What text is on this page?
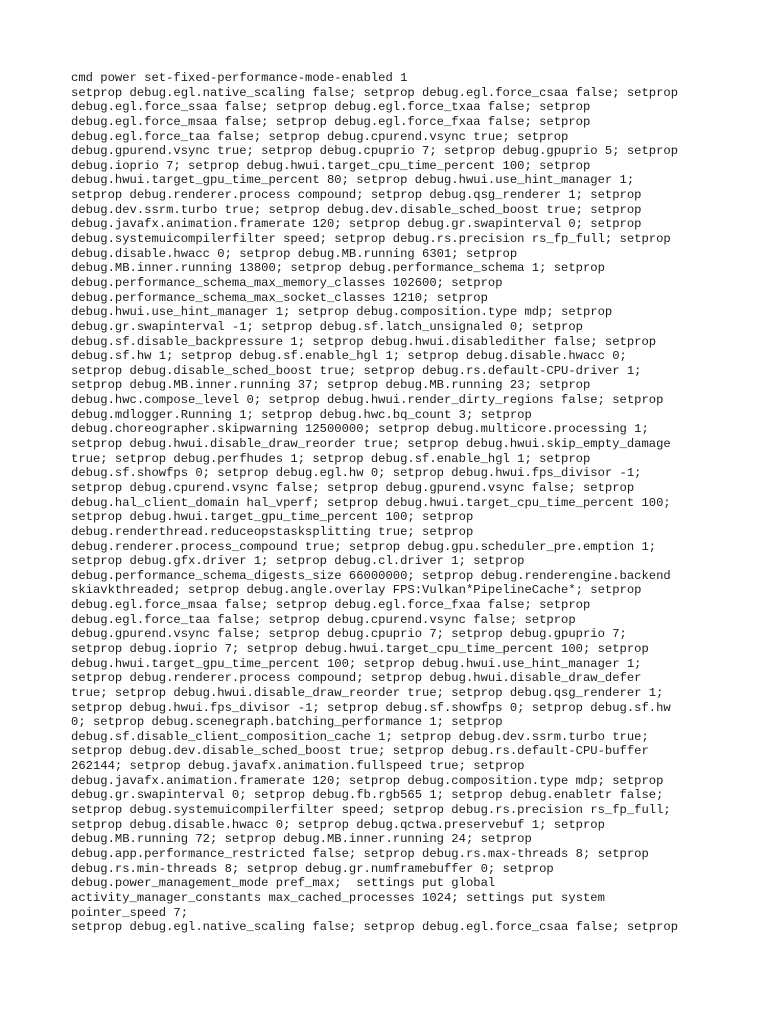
cmd power set-fixed-performance-mode-enabled 1
setprop debug.egl.native_scaling false; setprop debug.egl.force_csaa false; setprop
debug.egl.force_ssaa false; setprop debug.egl.force_txaa false; setprop
debug.egl.force_msaa false; setprop debug.egl.force_fxaa false; setprop
debug.egl.force_taa false; setprop debug.cpurend.vsync true; setprop
debug.gpurend.vsync true; setprop debug.cpuprio 7; setprop debug.gpuprio 5; setprop
debug.ioprio 7; setprop debug.hwui.target_cpu_time_percent 100; setprop
debug.hwui.target_gpu_time_percent 80; setprop debug.hwui.use_hint_manager 1;
setprop debug.renderer.process compound; setprop debug.qsg_renderer 1; setprop
debug.dev.ssrm.turbo true; setprop debug.dev.disable_sched_boost true; setprop
debug.javafx.animation.framerate 120; setprop debug.gr.swapinterval 0; setprop
debug.systemuicompilerfilter speed; setprop debug.rs.precision rs_fp_full; setprop
debug.disable.hwacc 0; setprop debug.MB.running 6301; setprop
debug.MB.inner.running 13800; setprop debug.performance_schema 1; setprop
debug.performance_schema_max_memory_classes 102600; setprop
debug.performance_schema_max_socket_classes 1210; setprop
debug.hwui.use_hint_manager 1; setprop debug.composition.type mdp; setprop
debug.gr.swapinterval -1; setprop debug.sf.latch_unsignaled 0; setprop
debug.sf.disable_backpressure 1; setprop debug.hwui.disabledither false; setprop
debug.sf.hw 1; setprop debug.sf.enable_hgl 1; setprop debug.disable.hwacc 0;
setprop debug.disable_sched_boost true; setprop debug.rs.default-CPU-driver 1;
setprop debug.MB.inner.running 37; setprop debug.MB.running 23; setprop
debug.hwc.compose_level 0; setprop debug.hwui.render_dirty_regions false; setprop
debug.mdlogger.Running 1; setprop debug.hwc.bq_count 3; setprop
debug.choreographer.skipwarning 12500000; setprop debug.multicore.processing 1;
setprop debug.hwui.disable_draw_reorder true; setprop debug.hwui.skip_empty_damage
true; setprop debug.perfhudes 1; setprop debug.sf.enable_hgl 1; setprop
debug.sf.showfps 0; setprop debug.egl.hw 0; setprop debug.hwui.fps_divisor -1;
setprop debug.cpurend.vsync false; setprop debug.gpurend.vsync false; setprop
debug.hal_client_domain hal_vperf; setprop debug.hwui.target_cpu_time_percent 100;
setprop debug.hwui.target_gpu_time_percent 100; setprop
debug.renderthread.reduceopstasksplitting true; setprop
debug.renderer.process_compound true; setprop debug.gpu.scheduler_pre.emption 1;
setprop debug.gfx.driver 1; setprop debug.cl.driver 1; setprop
debug.performance_schema_digests_size 66000000; setprop debug.renderengine.backend
skiavkthreaded; setprop debug.angle.overlay FPS:Vulkan*PipelineCache*; setprop
debug.egl.force_msaa false; setprop debug.egl.force_fxaa false; setprop
debug.egl.force_taa false; setprop debug.cpurend.vsync false; setprop
debug.gpurend.vsync false; setprop debug.cpuprio 7; setprop debug.gpuprio 7;
setprop debug.ioprio 7; setprop debug.hwui.target_cpu_time_percent 100; setprop
debug.hwui.target_gpu_time_percent 100; setprop debug.hwui.use_hint_manager 1;
setprop debug.renderer.process compound; setprop debug.hwui.disable_draw_defer
true; setprop debug.hwui.disable_draw_reorder true; setprop debug.qsg_renderer 1;
setprop debug.hwui.fps_divisor -1; setprop debug.sf.showfps 0; setprop debug.sf.hw
0; setprop debug.scenegraph.batching_performance 1; setprop
debug.sf.disable_client_composition_cache 1; setprop debug.dev.ssrm.turbo true;
setprop debug.dev.disable_sched_boost true; setprop debug.rs.default-CPU-buffer
262144; setprop debug.javafx.animation.fullspeed true; setprop
debug.javafx.animation.framerate 120; setprop debug.composition.type mdp; setprop
debug.gr.swapinterval 0; setprop debug.fb.rgb565 1; setprop debug.enabletr false;
setprop debug.systemuicompilerfilter speed; setprop debug.rs.precision rs_fp_full;
setprop debug.disable.hwacc 0; setprop debug.qctwa.preservebuf 1; setprop
debug.MB.running 72; setprop debug.MB.inner.running 24; setprop
debug.app.performance_restricted false; setprop debug.rs.max-threads 8; setprop
debug.rs.min-threads 8; setprop debug.gr.numframebuffer 0; setprop
debug.power_management_mode pref_max;  settings put global
activity_manager_constants max_cached_processes 1024; settings put system
pointer_speed 7;
setprop debug.egl.native_scaling false; setprop debug.egl.force_csaa false; setprop
